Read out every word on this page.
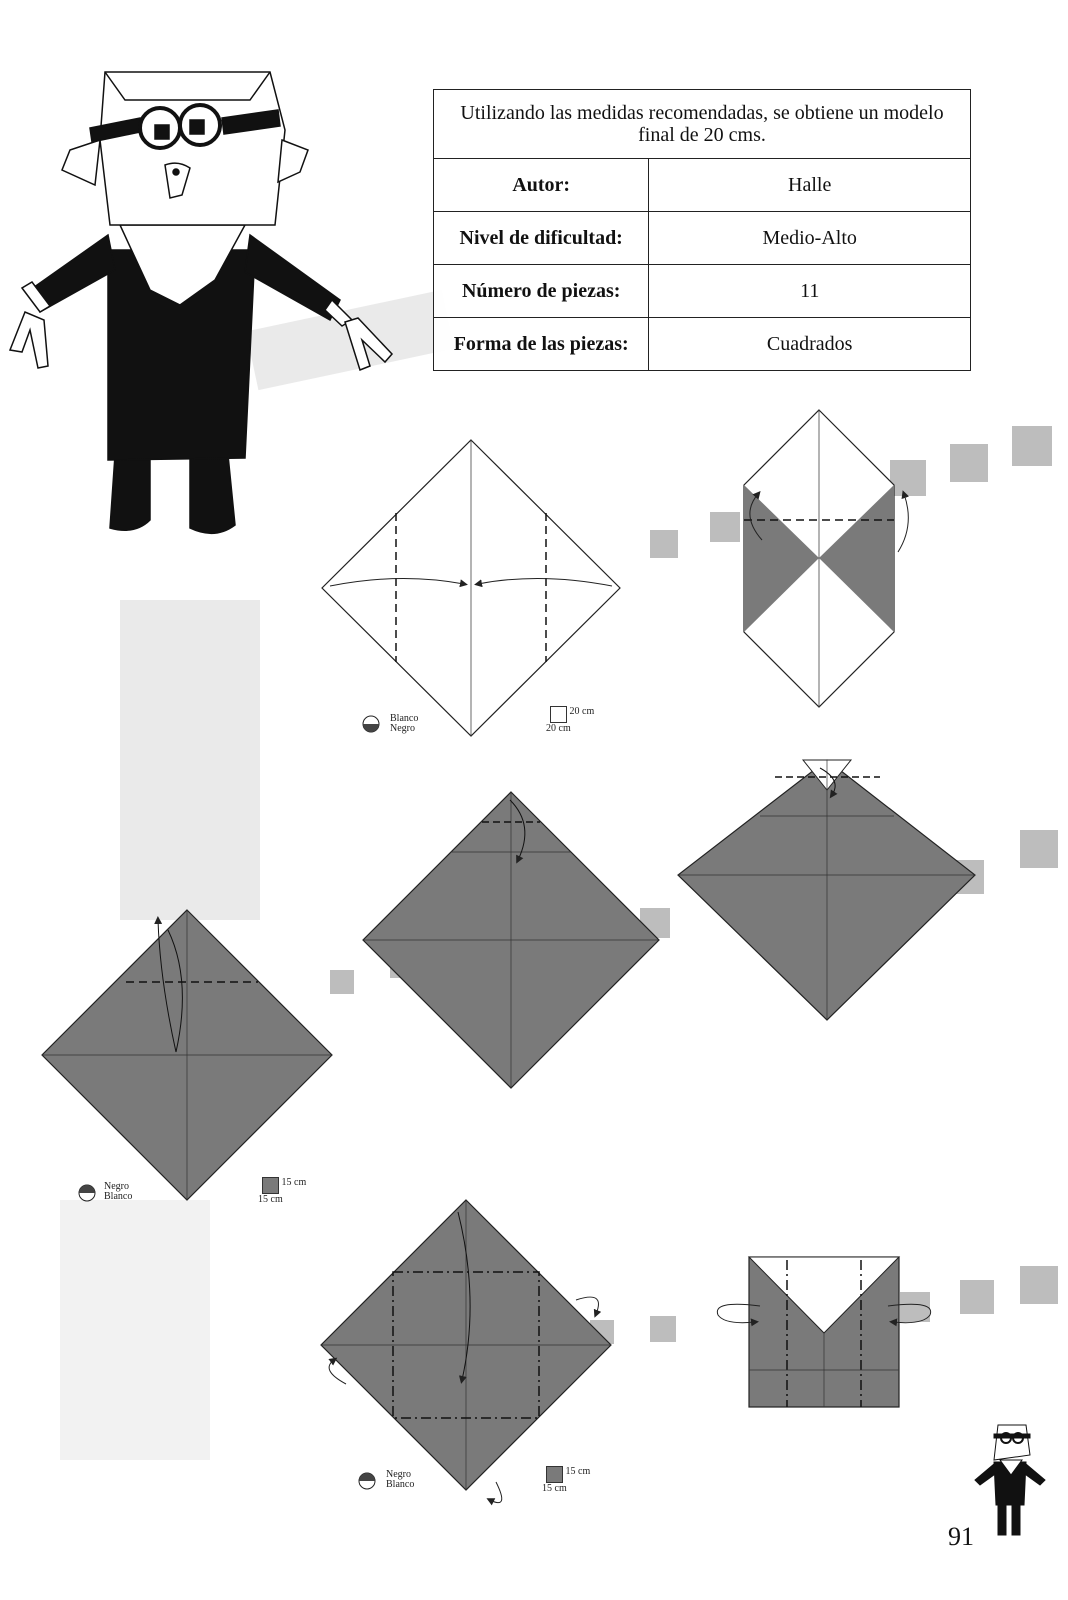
Utilizando las medidas recomendadas, se obtiene un modelo final de 20 cms.	
Autor:	Halle
Nivel de dificultad:	Medio-Alto
Número de piezas:	11
Forma de las piezas:	Cuadrados
Blanco
Negro
20 cm
20 cm
Negro
Blanco
15 cm
15 cm
Negro
Blanco
15 cm
15 cm
91
